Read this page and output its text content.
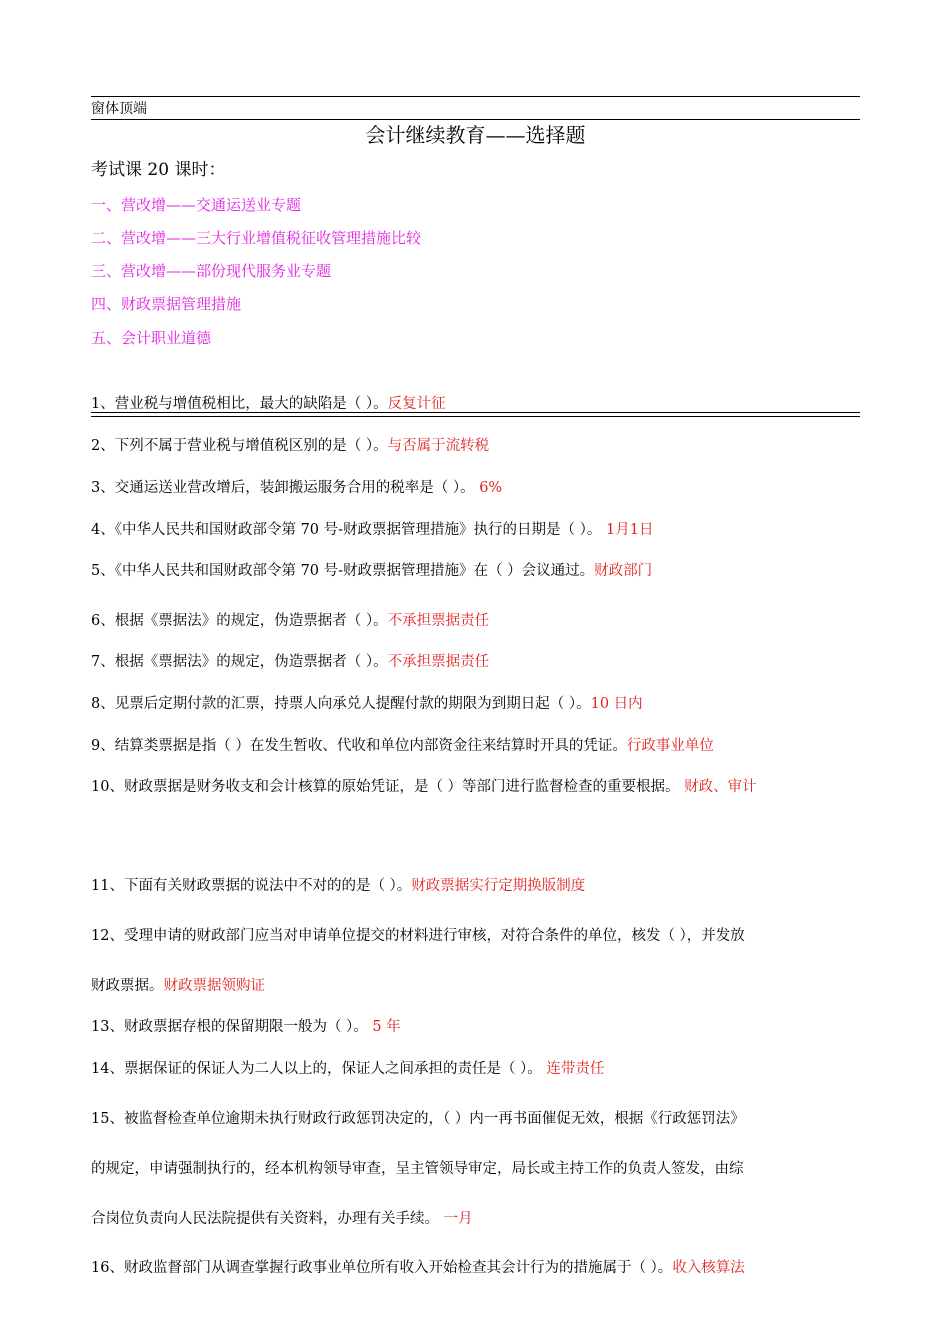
窗体顶端
会计继续教育——选择题
考试课 20 课时：
一、营改增——交通运送业专题
二、营改增——三大行业增值税征收管理措施比较
三、营改增——部份现代服务业专题
四、财政票据管理措施
五、会计职业道德
1、营业税与增值税相比，最大的缺陷是（ ）。反复计征
2、下列不属于营业税与增值税区别的是（ ）。与否属于流转税
3、交通运送业营改增后，装卸搬运服务合用的税率是（ ）。 6%
4、《中华人民共和国财政部令第 70 号-财政票据管理措施》执行的日期是（ ）。 1月1日
5、《中华人民共和国财政部令第 70 号-财政票据管理措施》在（ ）会议通过。财政部门
6、根据《票据法》的规定，伪造票据者（ ）。不承担票据责任
7、根据《票据法》的规定，伪造票据者（ ）。不承担票据责任
8、见票后定期付款的汇票，持票人向承兑人提醒付款的期限为到期日起（ ）。10 日内
9、结算类票据是指（ ）在发生暂收、代收和单位内部资金往来结算时开具的凭证。行政事业单位
10、财政票据是财务收支和会计核算的原始凭证，是（ ）等部门进行监督检查的重要根据。 财政、审计
11、下面有关财政票据的说法中不对的的是（ ）。财政票据实行定期换版制度
12、受理申请的财政部门应当对申请单位提交的材料进行审核，对符合条件的单位，核发（ ），并发放
财政票据。财政票据领购证
13、财政票据存根的保留期限一般为（ ）。 5 年
14、票据保证的保证人为二人以上的，保证人之间承担的责任是（ ）。 连带责任
15、被监督检查单位逾期未执行财政行政惩罚决定的，（ ）内一再书面催促无效，根据《行政惩罚法》
的规定，申请强制执行的，经本机构领导审查，呈主管领导审定，局长或主持工作的负责人签发，由综
合岗位负责向人民法院提供有关资料，办理有关手续。 一月
16、财政监督部门从调查掌握行政事业单位所有收入开始检查其会计行为的措施属于（ ）。收入核算法
